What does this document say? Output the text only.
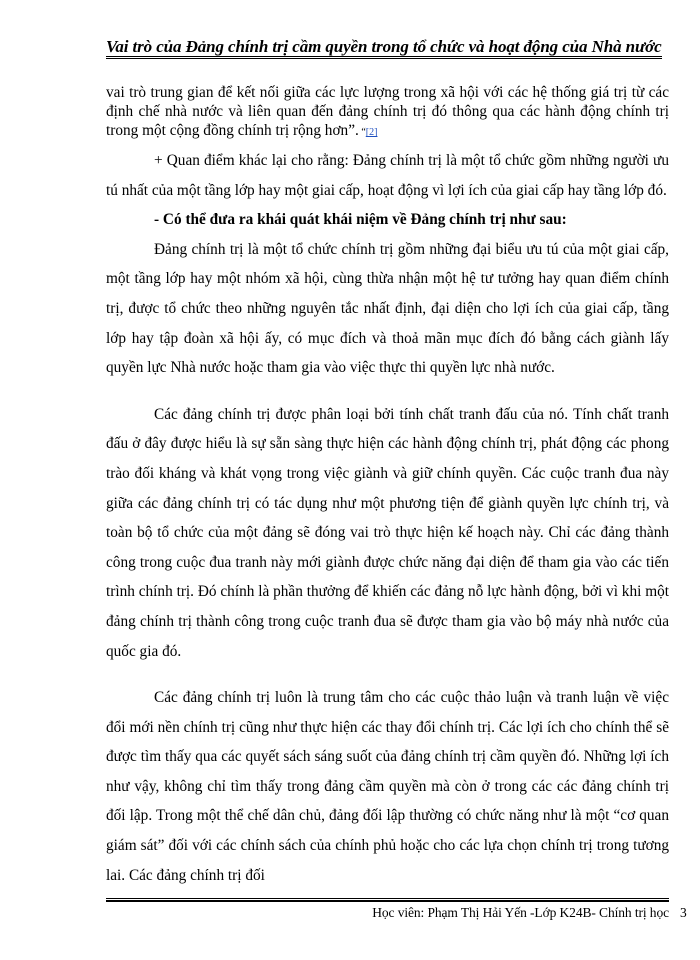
Vai trò của Đảng chính trị cầm quyền trong tổ chức và hoạt động của Nhà nước

vai trò trung gian để kết nối giữa các lực lượng trong xã hội với các hệ thống giá trị từ các định chế nhà nước và liên quan đến đảng chính trị đó thông qua các hành động chính trị trong một cộng đồng chính trị rộng hơn”. “[2]

+ Quan điểm khác lại cho rằng: Đảng chính trị là một tổ chức gồm những người ưu tú nhất của một tầng lớp hay một giai cấp, hoạt động vì lợi ích của giai cấp hay tầng lớp đó.

- Có thể đưa ra khái quát khái niệm về Đảng chính trị như sau:

Đảng chính trị là một tổ chức chính trị gồm những đại biểu ưu tú của một giai cấp, một tầng lớp hay một nhóm xã hội, cùng thừa nhận một hệ tư tưởng hay quan điểm chính trị, được tổ chức theo những nguyên tắc nhất định, đại diện cho lợi ích của giai cấp, tầng lớp hay tập đoàn xã hội ấy, có mục đích và thoả mãn mục đích đó bằng cách giành lấy quyền lực Nhà nước hoặc tham gia vào việc thực thi quyền lực nhà nước.

Các đảng chính trị được phân loại bởi tính chất tranh đấu của nó. Tính chất tranh đấu ở đây được hiểu là sự sẵn sàng thực hiện các hành động chính trị, phát động các phong trào đối kháng và khát vọng trong việc giành và giữ chính quyền. Các cuộc tranh đua này giữa các đảng chính trị có tác dụng như một phương tiện để giành quyền lực chính trị, và toàn bộ tổ chức của một đảng sẽ đóng vai trò thực hiện kế hoạch này. Chỉ các đảng thành công trong cuộc đua tranh này mới giành được chức năng đại diện để tham gia vào các tiến trình chính trị. Đó chính là phần thưởng để khiến các đảng nỗ lực hành động, bởi vì khi một đảng chính trị thành công trong cuộc tranh đua sẽ được tham gia vào bộ máy nhà nước của quốc gia đó.

Các đảng chính trị luôn là trung tâm cho các cuộc thảo luận và tranh luận về việc đổi mới nền chính trị cũng như thực hiện các thay đổi chính trị. Các lợi ích cho chính thể sẽ được tìm thấy qua các quyết sách sáng suốt của đảng chính trị cầm quyền đó. Những lợi ích như vậy, không chỉ tìm thấy trong đảng cầm quyền mà còn ở trong các các đảng chính trị đối lập. Trong một thể chế dân chủ, đảng đối lập thường có chức năng như là một “cơ quan giám sát” đối với các chính sách của chính phủ hoặc cho các lựa chọn chính trị trong tương lai. Các đảng chính trị đối

Học viên: Phạm Thị Hải Yến -Lớp K24B- Chính trị học 3
